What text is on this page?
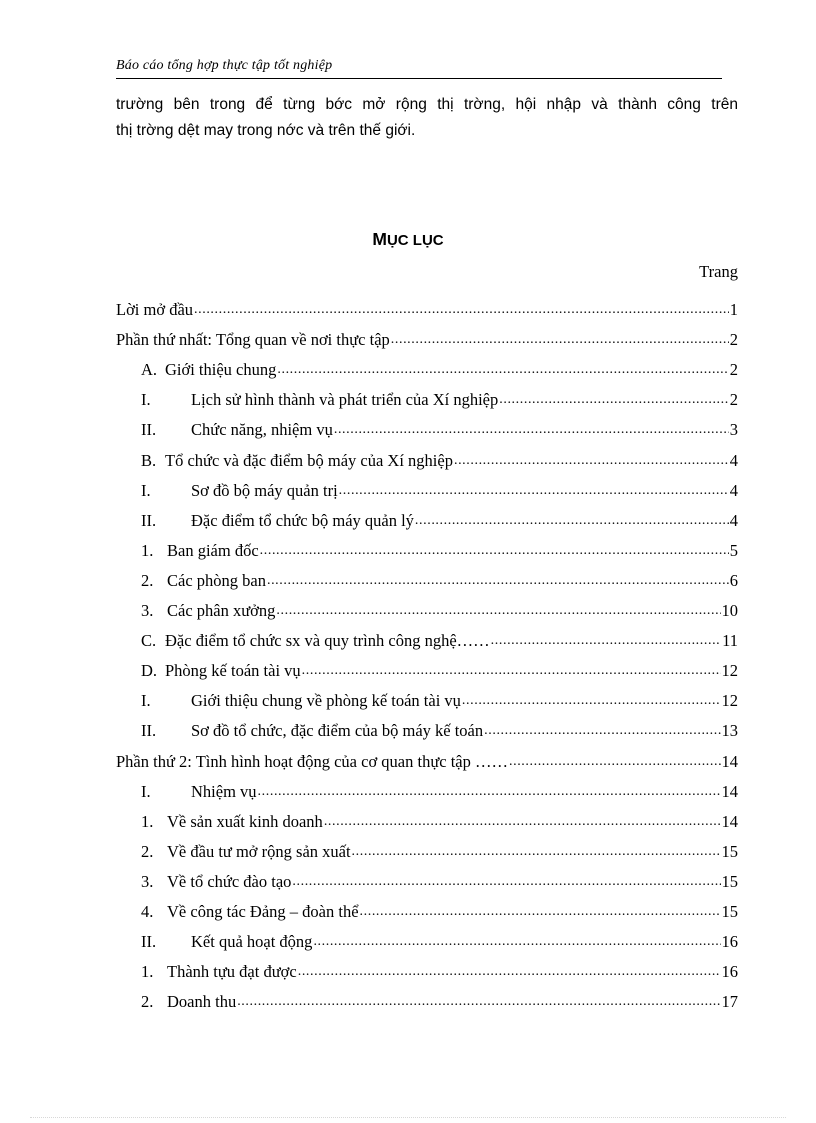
Báo cáo tổng hợp thực tập tốt nghiệp

trường bên trong để từng bớc mở rộng thị trờng, hội nhập và thành công trên

thị trờng dệt may trong nớc và trên thế giới.

MỤC LỤC
Trang
Lời mở đầu .....	1
Phần thứ nhất: Tổng quan về nơi thực tập .....	2
A. Giới thiệu chung .....	2
I.	Lịch sử hình thành và phát triển của Xí nghiệp .....	2
II.	Chức năng, nhiệm vụ .....	3
B. Tổ chức và đặc điểm bộ máy của Xí nghiệp .....	4
I.	Sơ đồ bộ máy quản trị .....	4
II.	Đặc điểm tổ chức bộ máy quản lý .....	4
1. Ban giám đốc .....	5
2. Các phòng ban .....	6
3. Các phân xưởng .....	10
C. Đặc điểm tổ chức sx và quy trình công nghệ…… .....	11
D. Phòng kế toán tài vụ .....	12
I.	Giới thiệu chung về phòng kế toán tài vụ .....	12
II.	Sơ đồ tổ chức, đặc điểm của bộ máy kế toán .....	13
Phần thứ 2: Tình hình hoạt động của cơ quan thực tập …… .....	14
I.	Nhiệm vụ .....	14
1. Về sản xuất kinh doanh .....	14
2. Về đầu tư mở rộng sản xuất .....	15
3. Về tổ chức đào tạo .....	15
4. Về công tác Đảng – đoàn thể .....	15
II.	Kết quả hoạt động .....	16
1. Thành tựu đạt được .....	16
2. Doanh thu .....	17
